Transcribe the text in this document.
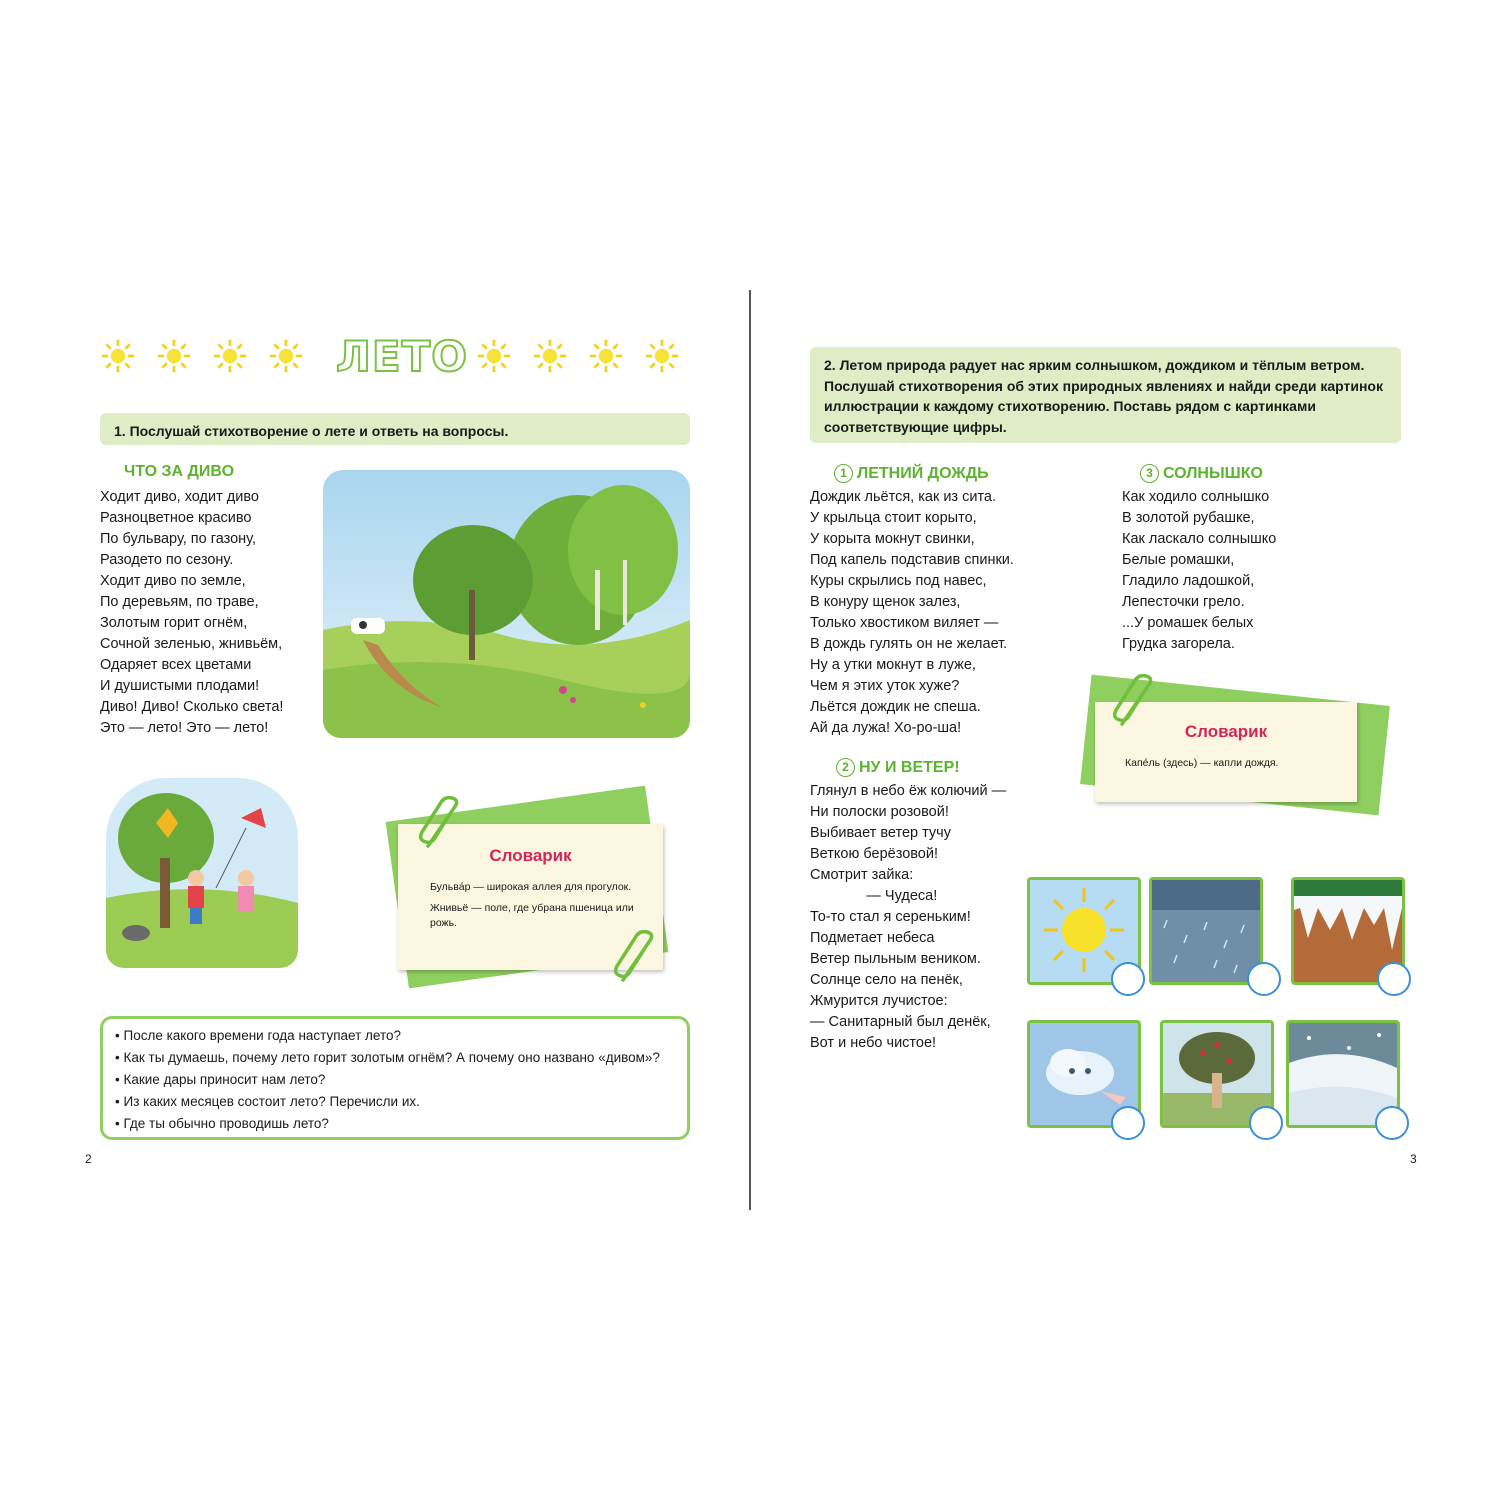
ЛЕТО
1. Послушай стихотворение о лете и ответь на вопросы.
ЧТО ЗА ДИВО
Ходит диво, ходит диво
Разноцветное красиво
По бульвару, по газону,
Разодето по сезону.
Ходит диво по земле,
По деревьям, по траве,
Золотым горит огнём,
Сочной зеленью, жнивьём,
Одаряет всех цветами
И душистыми плодами!
Диво! Диво! Сколько света!
Это — лето! Это — лето!
Словарик
Бульва́р — широкая аллея для прогулок.
Жнивьё — поле, где убрана пшеница или рожь.
• После какого времени года наступает лето?
• Как ты думаешь, почему лето горит золотым огнём? А почему оно названо «дивом»?
• Какие дары приносит нам лето?
• Из каких месяцев состоит лето? Перечисли их.
• Где ты обычно проводишь лето?
2
2. Летом природа радует нас ярким солнышком, дождиком и тёплым ветром. Послушай стихотворения об этих природных явлениях и найди среди картинок иллюстрации к каждому стихотворению. Поставь рядом с картинками соответствующие цифры.
1 ЛЕТНИЙ ДОЖДЬ
Дождик льётся, как из сита.
У крыльца стоит корыто,
У корыта мокнут свинки,
Под капель подставив спинки.
Куры скрылись под навес,
В конуру щенок залез,
Только хвостиком виляет —
В дождь гулять он не желает.
Ну а утки мокнут в луже,
Чем я этих уток хуже?
Льётся дождик не спеша.
Ай да лужа! Хо-ро-ша!
2 НУ И ВЕТЕР!
Глянул в небо ёж колючий —
Ни полоски розовой!
Выбивает ветер тучу
Веткою берёзовой!
Смотрит зайка:
— Чудеса!
То-то стал я сереньким!
Подметает небеса
Ветер пыльным веником.
Солнце село на пенёк,
Жмурится лучистое:
— Санитарный был денёк,
Вот и небо чистое!
3 СОЛНЫШКО
Как ходило солнышко
В золотой рубашке,
Как ласкало солнышко
Белые ромашки,
Гладило ладошкой,
Лепесточки грело.
...У ромашек белых
Грудка загорела.
Словарик
Капе́ль (здесь) — капли дождя.
3
